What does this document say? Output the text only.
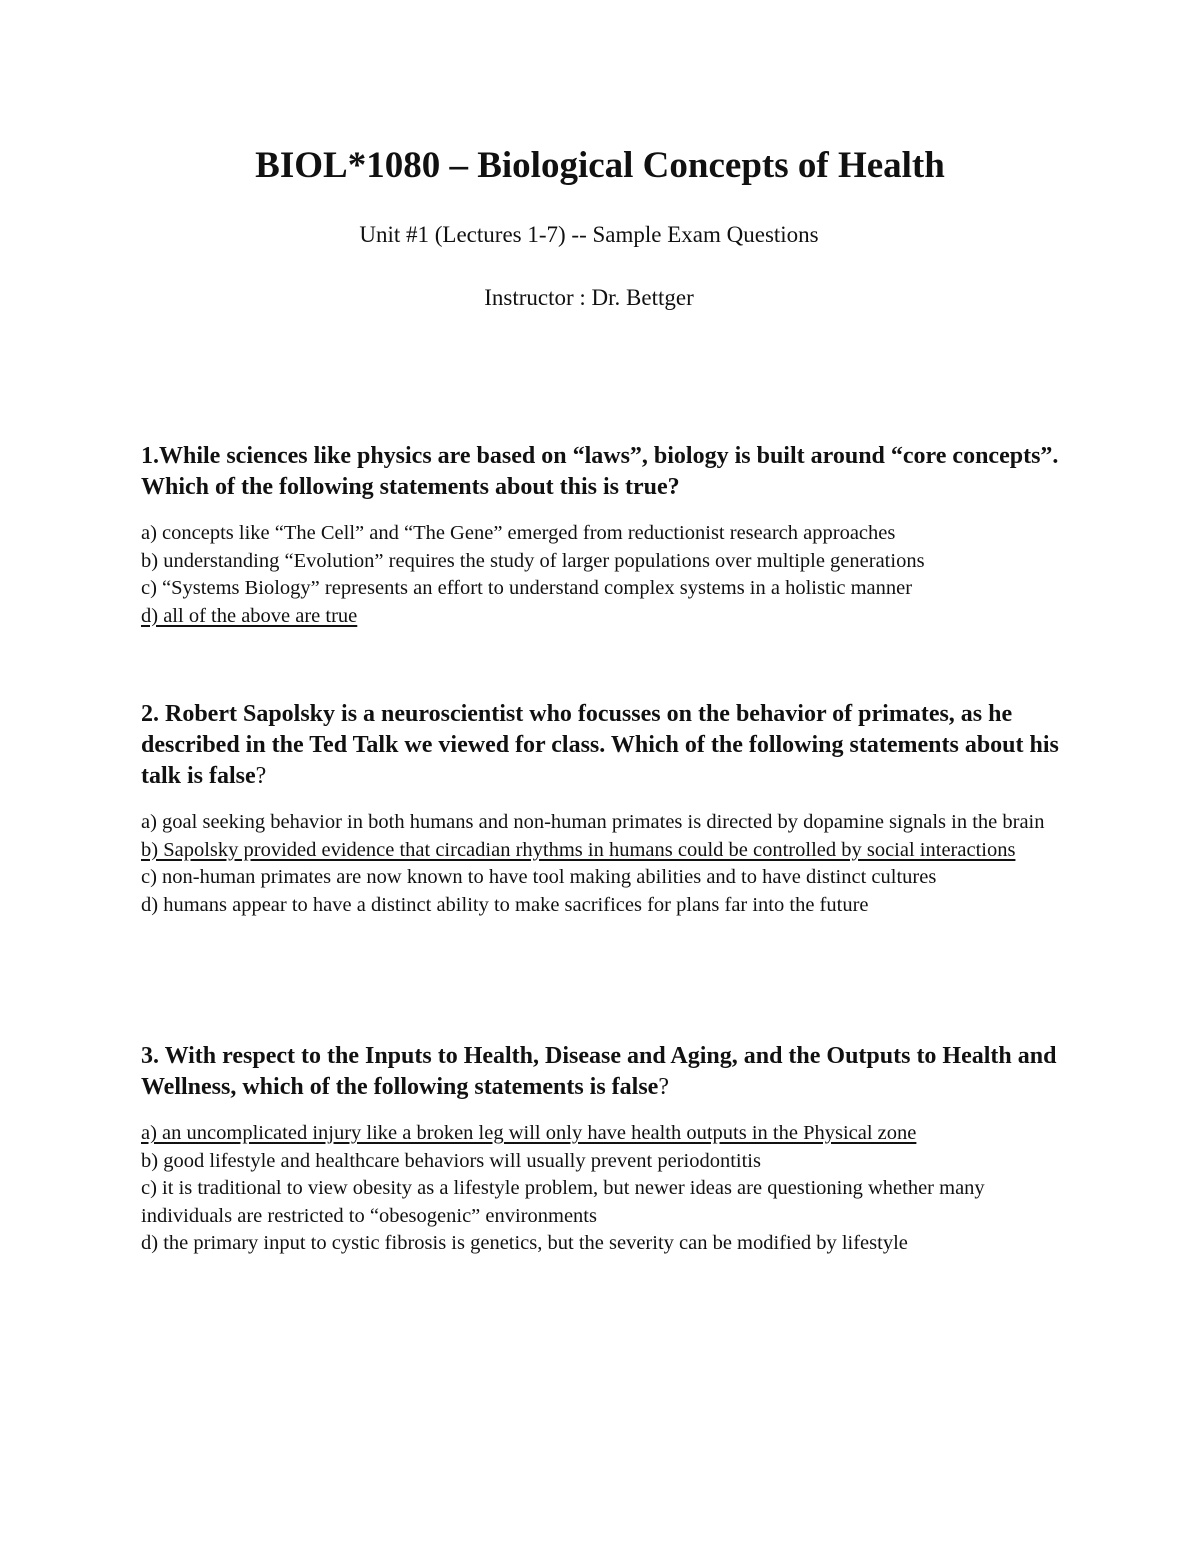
BIOL*1080 – Biological Concepts of Health
Unit #1 (Lectures 1-7) -- Sample Exam Questions
Instructor : Dr. Bettger

1.While sciences like physics are based on “laws”, biology is built around “core concepts”. Which of the following statements about this is true?

a) concepts like “The Cell” and “The Gene” emerged from reductionist research approaches
b) understanding “Evolution” requires the study of larger populations over multiple generations
c) “Systems Biology” represents an effort to understand complex systems in a holistic manner
d) all of the above are true

2. Robert Sapolsky is a neuroscientist who focusses on the behavior of primates, as he described in the Ted Talk we viewed for class. Which of the following statements about his talk is false?

a) goal seeking behavior in both humans and non-human primates is directed by dopamine signals in the brain
b) Sapolsky provided evidence that circadian rhythms in humans could be controlled by social interactions
c) non-human primates are now known to have tool making abilities and to have distinct cultures
d) humans appear to have a distinct ability to make sacrifices for plans far into the future

3. With respect to the Inputs to Health, Disease and Aging, and the Outputs to Health and Wellness, which of the following statements is false?

a) an uncomplicated injury like a broken leg will only have health outputs in the Physical zone
b) good lifestyle and healthcare behaviors will usually prevent periodontitis
c) it is traditional to view obesity as a lifestyle problem, but newer ideas are questioning whether many individuals are restricted to “obesogenic” environments
d) the primary input to cystic fibrosis is genetics, but the severity can be modified by lifestyle
